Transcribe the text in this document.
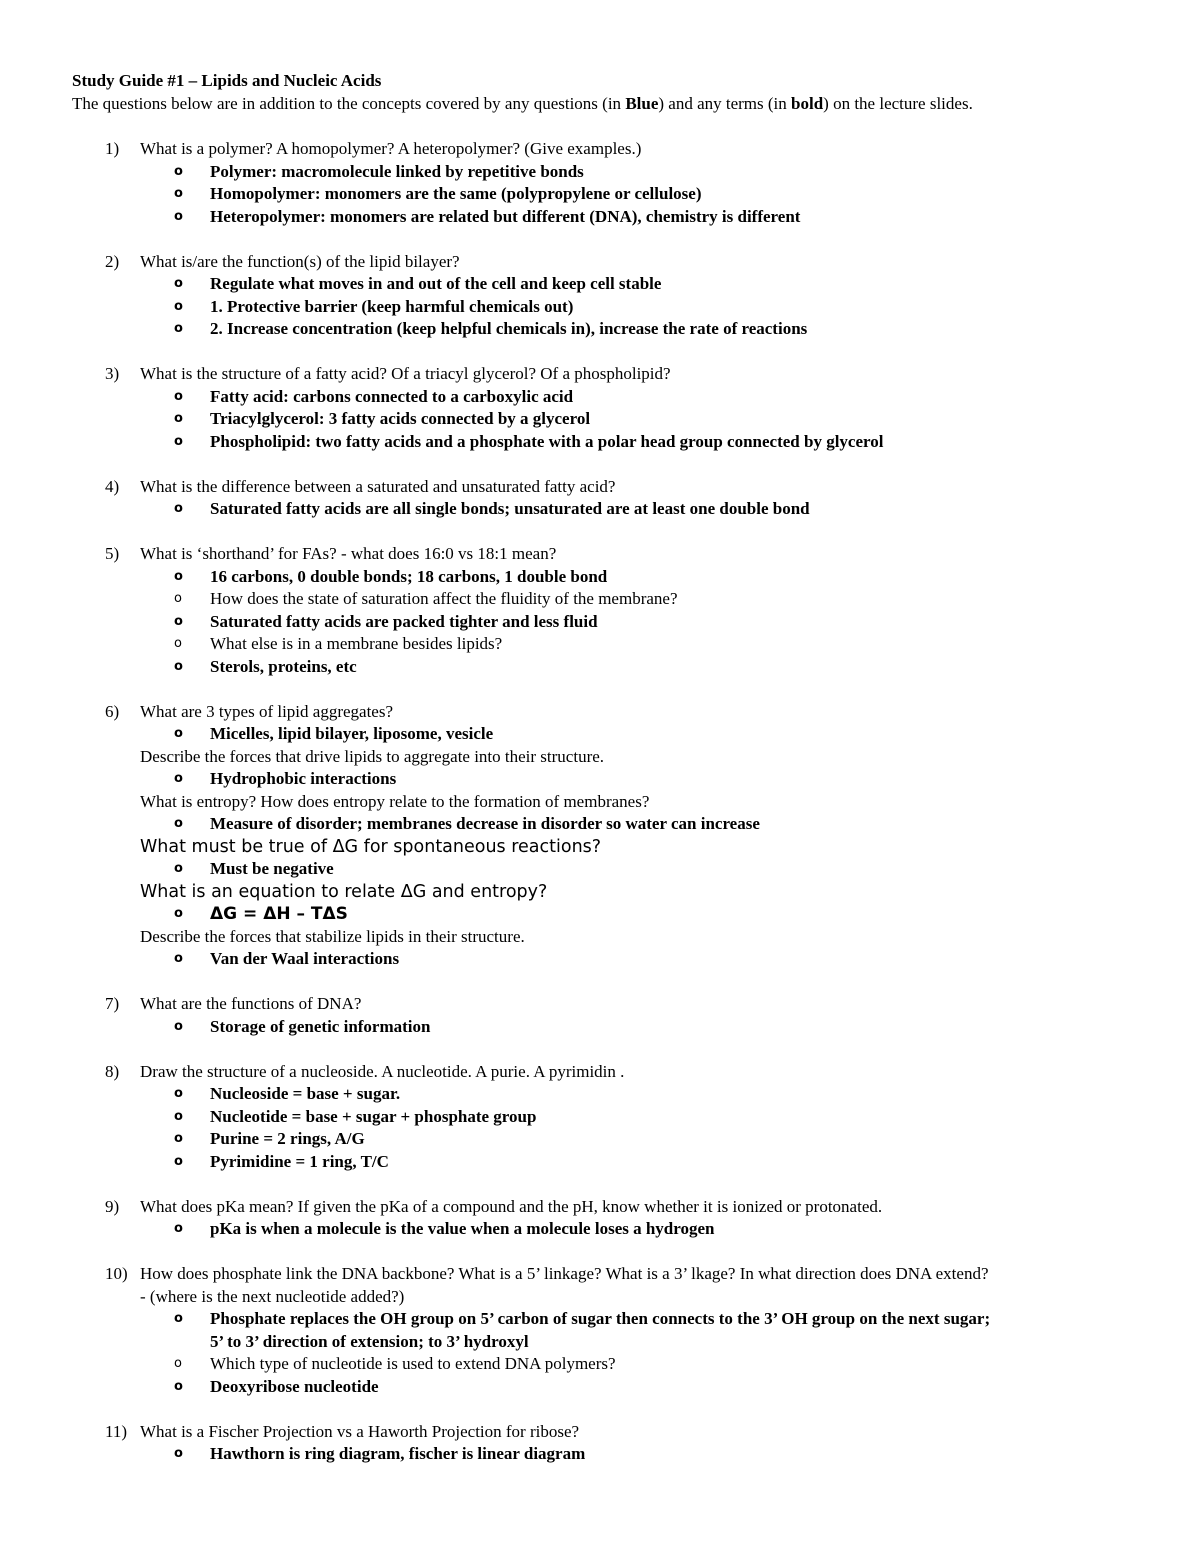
Study Guide #1 – Lipids and Nucleic Acids

The questions below are in addition to the concepts covered by any questions (in Blue) and any terms (in bold) on the lecture slides.

1)	What is a polymer? A homopolymer? A heteropolymer? (Give examples.)
o Polymer: macromolecule linked by repetitive bonds
o Homopolymer: monomers are the same (polypropylene or cellulose)
o Heteropolymer: monomers are related but different (DNA), chemistry is different
2)	What is/are the function(s) of the lipid bilayer?
o Regulate what moves in and out of the cell and keep cell stable
o 1. Protective barrier (keep harmful chemicals out)
o 2. Increase concentration (keep helpful chemicals in), increase the rate of reactions
3)	What is the structure of a fatty acid? Of a triacyl glycerol? Of a phospholipid?
o Fatty acid: carbons connected to a carboxylic acid
o Triacylglycerol: 3 fatty acids connected by a glycerol
o Phospholipid: two fatty acids and a phosphate with a polar head group connected by glycerol
4)	What is the difference between a saturated and unsaturated fatty acid?
o Saturated fatty acids are all single bonds; unsaturated are at least one double bond
5)	What is ‘shorthand’ for FAs? - what does 16:0 vs 18:1 mean?
o 16 carbons, 0 double bonds; 18 carbons, 1 double bond
o How does the state of saturation affect the fluidity of the membrane?
o Saturated fatty acids are packed tighter and less fluid
o What else is in a membrane besides lipids?
o Sterols, proteins, etc
6)	What are 3 types of lipid aggregates?
o Micelles, lipid bilayer, liposome, vesicle
Describe the forces that drive lipids to aggregate into their structure.
o Hydrophobic interactions
What is entropy? How does entropy relate to the formation of membranes?
o Measure of disorder; membranes decrease in disorder so water can increase
What must be true of ΔG for spontaneous reactions?
o Must be negative
What is an equation to relate ΔG and entropy?
o ΔG = ΔH – TΔS
Describe the forces that stabilize lipids in their structure.
o Van der Waal interactions
7)	What are the functions of DNA?
o Storage of genetic information
8)	Draw the structure of a nucleoside. A nucleotide. A purie. A pyrimidin .
o Nucleoside = base + sugar.
o Nucleotide = base + sugar + phosphate group
o Purine = 2 rings, A/G
o Pyrimidine = 1 ring, T/C
9)	What does pKa mean? If given the pKa of a compound and the pH, know whether it is ionized or protonated.
o pKa is when a molecule is the value when a molecule loses a hydrogen
10) How does phosphate link the DNA backbone? What is a 5’ linkage? What is a 3’ lkage? In what direction does DNA extend?
- (where is the next nucleotide added?)
o Phosphate replaces the OH group on 5’ carbon of sugar then connects to the 3’ OH group on the next sugar;
5’ to 3’ direction of extension; to 3’ hydroxyl
o Which type of nucleotide is used to extend DNA polymers?
o Deoxyribose nucleotide
11) What is a Fischer Projection vs a Haworth Projection for ribose?
o Hawthorn is ring diagram, fischer is linear diagram
